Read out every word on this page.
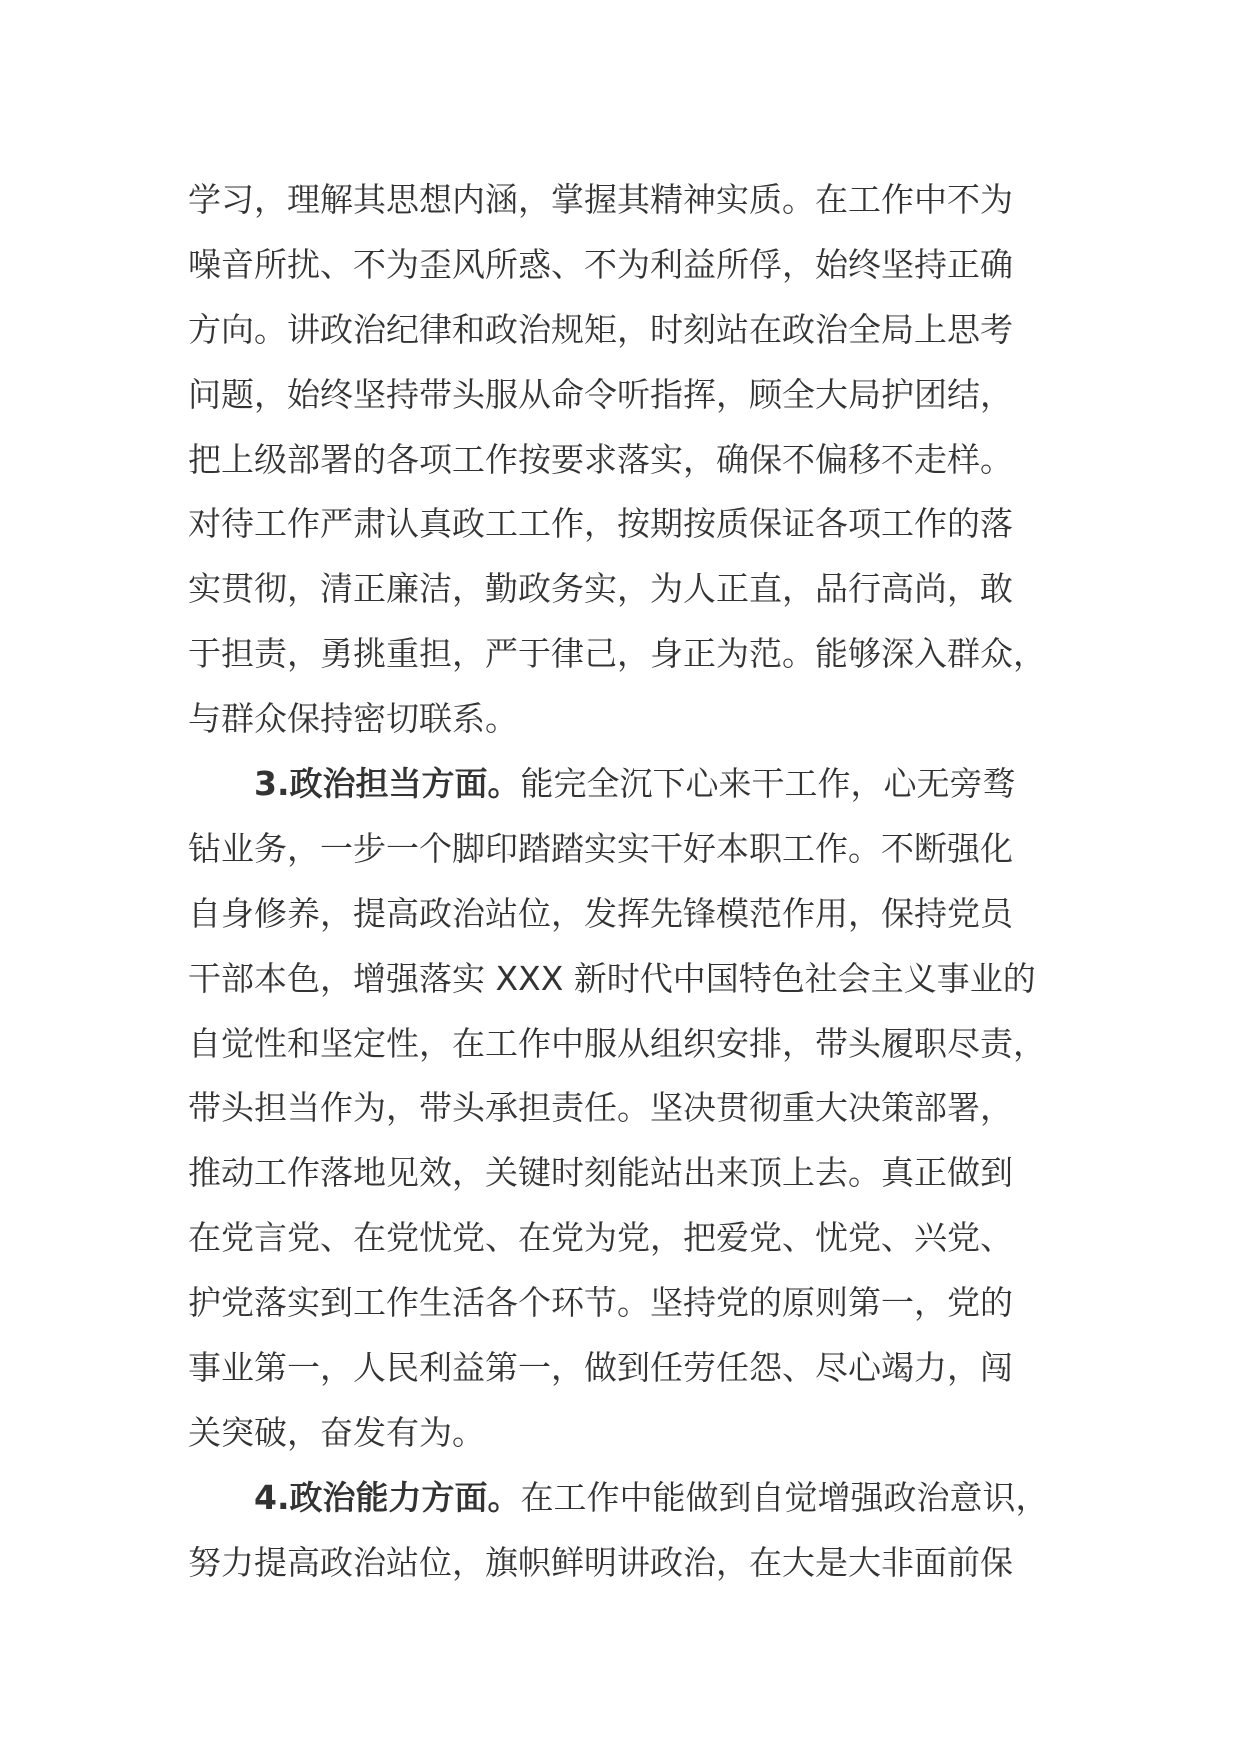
学习，理解其思想内涵，掌握其精神实质。在工作中不为
噪音所扰、不为歪风所惑、不为利益所俘，始终坚持正确
方向。讲政治纪律和政治规矩，时刻站在政治全局上思考
问题，始终坚持带头服从命令听指挥，顾全大局护团结，
把上级部署的各项工作按要求落实，确保不偏移不走样。
对待工作严肃认真政工工作，按期按质保证各项工作的落
实贯彻，清正廉洁，勤政务实，为人正直，品行高尚，敢
于担责，勇挑重担，严于律己，身正为范。能够深入群众，
与群众保持密切联系。
3.政治担当方面。能完全沉下心来干工作，心无旁骛
钻业务，一步一个脚印踏踏实实干好本职工作。不断强化
自身修养，提高政治站位，发挥先锋模范作用，保持党员
干部本色，增强落实 XXX 新时代中国特色社会主义事业的
自觉性和坚定性，在工作中服从组织安排，带头履职尽责，
带头担当作为，带头承担责任。坚决贯彻重大决策部署，
推动工作落地见效，关键时刻能站出来顶上去。真正做到
在党言党、在党忧党、在党为党，把爱党、忧党、兴党、
护党落实到工作生活各个环节。坚持党的原则第一，党的
事业第一，人民利益第一，做到任劳任怨、尽心竭力，闯
关突破，奋发有为。
4.政治能力方面。在工作中能做到自觉增强政治意识，
努力提高政治站位，旗帜鲜明讲政治，在大是大非面前保
